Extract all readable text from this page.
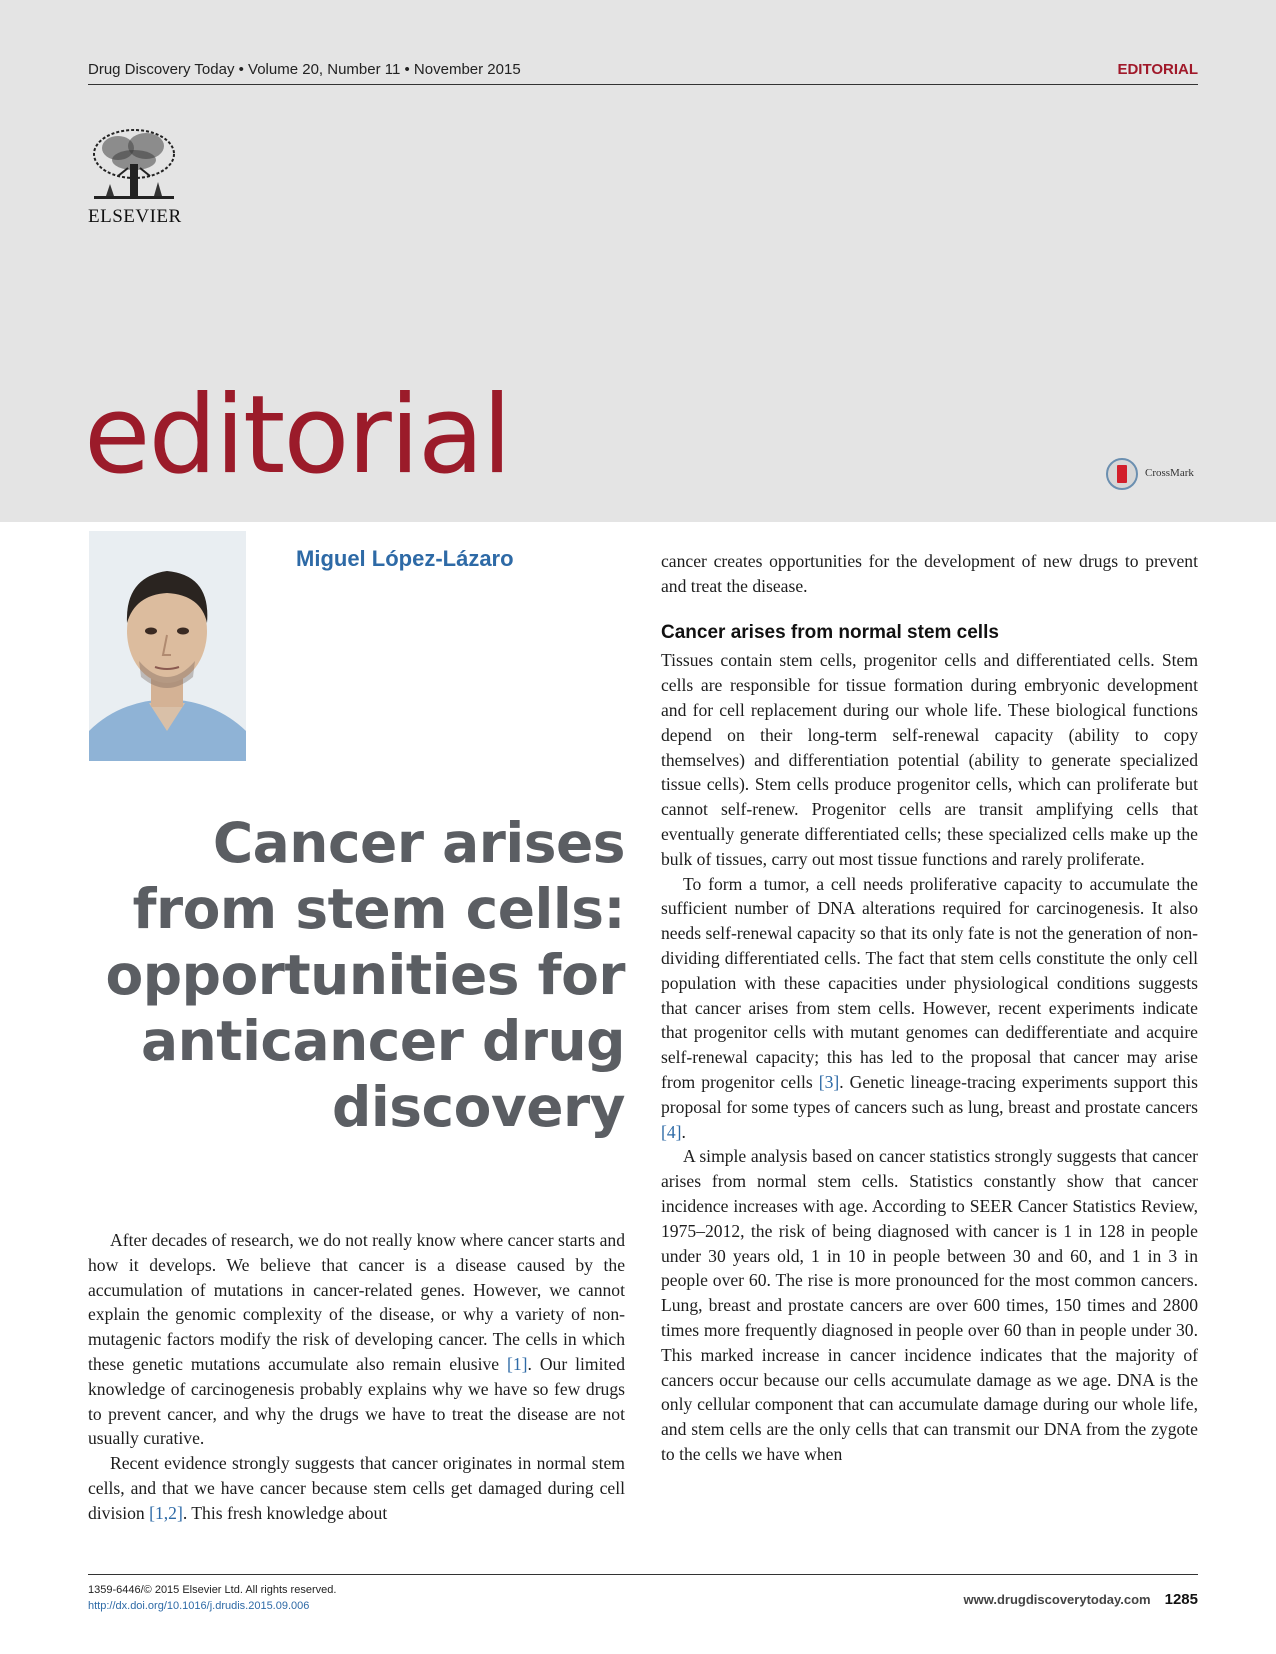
Drug Discovery Today • Volume 20, Number 11 • November 2015	EDITORIAL
ELSEVIER
editorial	CrossMark
Miguel López-Lázaro
Cancer arises
from stem cells:
opportunities for
anticancer drug
discovery

After decades of research, we do not really know where cancer starts and how it develops. We believe that cancer is a disease caused by the accumulation of mutations in cancer-related genes. However, we cannot explain the genomic complexity of the disease, or why a variety of non-mutagenic factors modify the risk of developing cancer. The cells in which these genetic mutations accumulate also remain elusive [1]. Our limited knowledge of carcinogenesis probably explains why we have so few drugs to prevent cancer, and why the drugs we have to treat the disease are not usually curative.

Recent evidence strongly suggests that cancer originates in normal stem cells, and that we have cancer because stem cells get damaged during cell division [1,2]. This fresh knowledge about

cancer creates opportunities for the development of new drugs to prevent and treat the disease.

Cancer arises from normal stem cells

Tissues contain stem cells, progenitor cells and differentiated cells. Stem cells are responsible for tissue formation during embryonic development and for cell replacement during our whole life. These biological functions depend on their long-term self-renewal capacity (ability to copy themselves) and differentiation potential (ability to generate specialized tissue cells). Stem cells produce progenitor cells, which can proliferate but cannot self-renew. Progenitor cells are transit amplifying cells that eventually generate differentiated cells; these specialized cells make up the bulk of tissues, carry out most tissue functions and rarely proliferate.

To form a tumor, a cell needs proliferative capacity to accumulate the sufficient number of DNA alterations required for carcinogenesis. It also needs self-renewal capacity so that its only fate is not the generation of non-dividing differentiated cells. The fact that stem cells constitute the only cell population with these capacities under physiological conditions suggests that cancer arises from stem cells. However, recent experiments indicate that progenitor cells with mutant genomes can dedifferentiate and acquire self-renewal capacity; this has led to the proposal that cancer may arise from progenitor cells [3]. Genetic lineage-tracing experiments support this proposal for some types of cancers such as lung, breast and prostate cancers [4].

A simple analysis based on cancer statistics strongly suggests that cancer arises from normal stem cells. Statistics constantly show that cancer incidence increases with age. According to SEER Cancer Statistics Review, 1975–2012, the risk of being diagnosed with cancer is 1 in 128 in people under 30 years old, 1 in 10 in people between 30 and 60, and 1 in 3 in people over 60. The rise is more pronounced for the most common cancers. Lung, breast and prostate cancers are over 600 times, 150 times and 2800 times more frequently diagnosed in people over 60 than in people under 30. This marked increase in cancer incidence indicates that the majority of cancers occur because our cells accumulate damage as we age. DNA is the only cellular component that can accumulate damage during our whole life, and stem cells are the only cells that can transmit our DNA from the zygote to the cells we have when

1359-6446/© 2015 Elsevier Ltd. All rights reserved.
http://dx.doi.org/10.1016/j.drudis.2015.09.006	www.drugdiscoverytoday.com 1285
